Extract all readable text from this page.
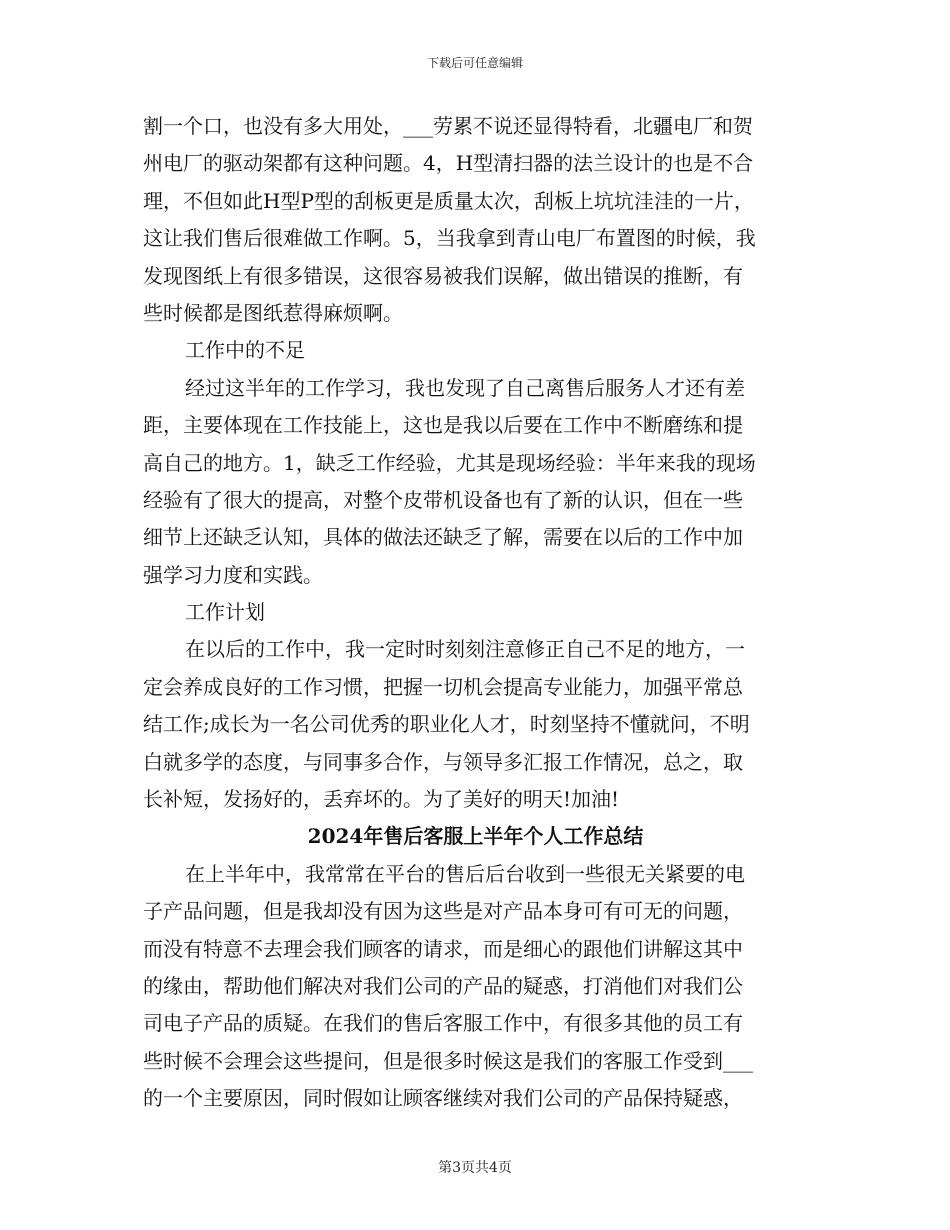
下载后可任意编辑
割一个口，也没有多大用处，___劳累不说还显得特看，北疆电厂和贺
州电厂的驱动架都有这种问题。4，H型清扫器的法兰设计的也是不合
理，不但如此H型P型的刮板更是质量太次，刮板上坑坑洼洼的一片，
这让我们售后很难做工作啊。5，当我拿到青山电厂布置图的时候，我
发现图纸上有很多错误，这很容易被我们误解，做出错误的推断，有
些时候都是图纸惹得麻烦啊。
工作中的不足
经过这半年的工作学习，我也发现了自己离售后服务人才还有差
距，主要体现在工作技能上，这也是我以后要在工作中不断磨练和提
高自己的地方。1，缺乏工作经验，尤其是现场经验：半年来我的现场
经验有了很大的提高，对整个皮带机设备也有了新的认识，但在一些
细节上还缺乏认知，具体的做法还缺乏了解，需要在以后的工作中加
强学习力度和实践。
工作计划
在以后的工作中，我一定时时刻刻注意修正自己不足的地方，一
定会养成良好的工作习惯，把握一切机会提高专业能力，加强平常总
结工作;成长为一名公司优秀的职业化人才，时刻坚持不懂就问，不明
白就多学的态度，与同事多合作，与领导多汇报工作情况，总之，取
长补短，发扬好的，丢弃坏的。为了美好的明天!加油!
2024年售后客服上半年个人工作总结
在上半年中，我常常在平台的售后后台收到一些很无关紧要的电
子产品问题，但是我却没有因为这些是对产品本身可有可无的问题，
而没有特意不去理会我们顾客的请求，而是细心的跟他们讲解这其中
的缘由，帮助他们解决对我们公司的产品的疑惑，打消他们对我们公
司电子产品的质疑。在我们的售后客服工作中，有很多其他的员工有
些时候不会理会这些提问，但是很多时候这是我们的客服工作受到___
的一个主要原因，同时假如让顾客继续对我们公司的产品保持疑惑，
第3页共4页
